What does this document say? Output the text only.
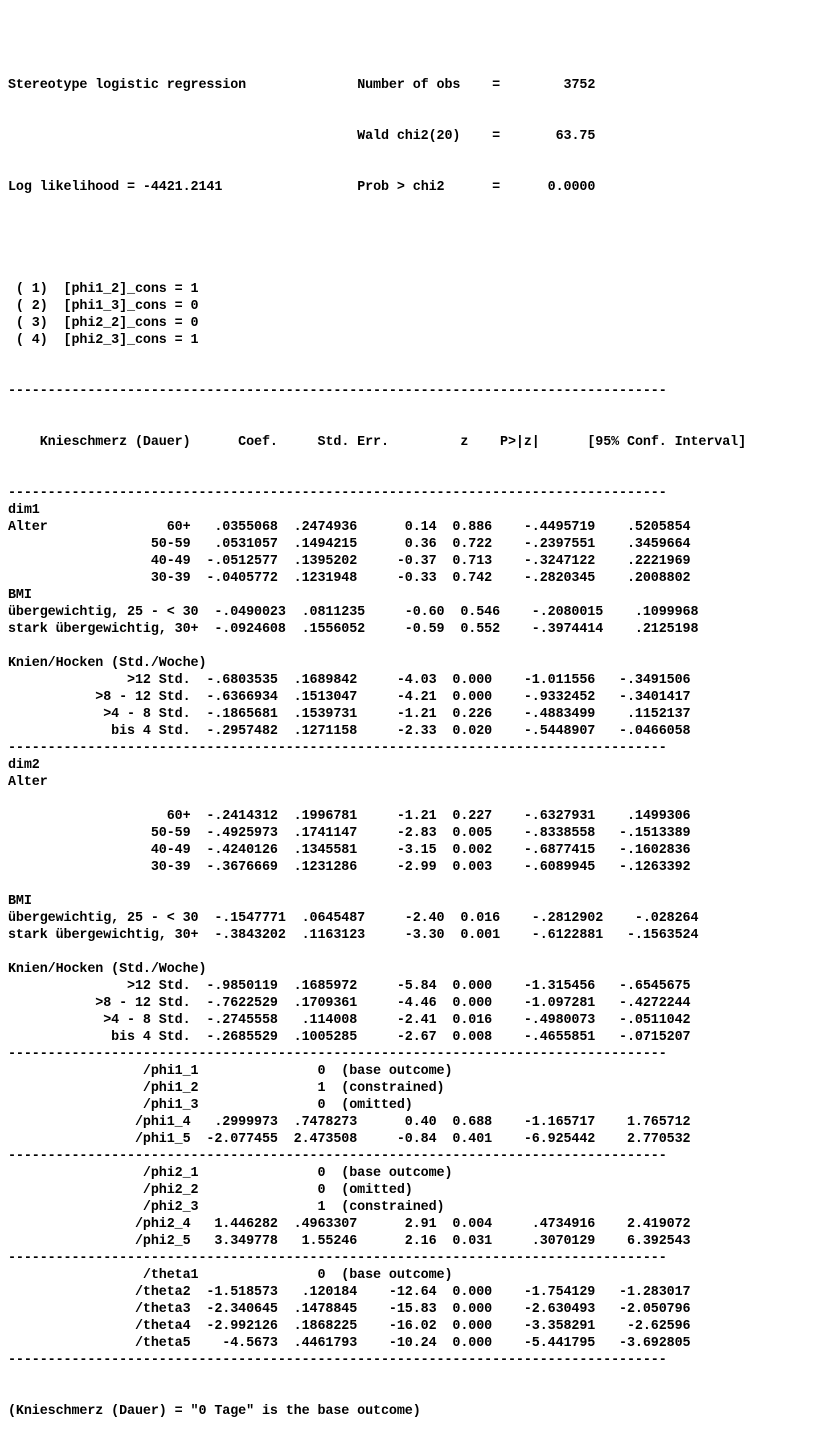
Stereotype logistic regression	Number of obs =        3752

Wald chi2(20) =       63.75

Log likelihood = -4421.2141	Prob > chi2	=      0.0000

( 1)  [phi1_2]_cons = 1
( 2)  [phi1_3]_cons = 0
( 3)  [phi2_2]_cons = 0
( 4)  [phi2_3]_cons = 1

-----------------------------------------------------------------------------------

Knieschmerz (Dauer)      Coef.     Std. Err.         z    P>|z|      [95% Conf. Interval]

-----------------------------------------------------------------------------------
dim1
Alter               60+   .0355068  .2474936      0.14  0.886    -.4495719    .5205854
50-59   .0531057  .1494215      0.36  0.722    -.2397551    .3459664
40-49  -.0512577  .1395202     -0.37  0.713    -.3247122    .2221969
30-39  -.0405772  .1231948     -0.33  0.742    -.2820345    .2008802
BMI
übergewichtig, 25 - < 30  -.0490023  .0811235     -0.60  0.546    -.2080015    .1099968
stark übergewichtig, 30+  -.0924608  .1556052     -0.59  0.552    -.3974414    .2125198
Knien/Hocken (Std./Woche)
>12 Std.  -.6803535  .1689842     -4.03  0.000    -1.011556   -.3491506
>8 - 12 Std.  -.6366934  .1513047     -4.21  0.000    -.9332452   -.3401417
>4 - 8 Std.  -.1865681  .1539731     -1.21  0.226    -.4883499    .1152137
bis 4 Std.  -.2957482  .1271158     -2.33  0.020    -.5448907   -.0466058
-----------------------------------------------------------------------------------
dim2
Alter
60+  -.2414312  .1996781     -1.21  0.227    -.6327931    .1499306
50-59  -.4925973  .1741147     -2.83  0.005    -.8338558   -.1513389
40-49  -.4240126  .1345581     -3.15  0.002    -.6877415   -.1602836
30-39  -.3676669  .1231286     -2.99  0.003    -.6089945   -.1263392
BMI
übergewichtig, 25 - < 30  -.1547771  .0645487     -2.40  0.016    -.2812902    -.028264
stark übergewichtig, 30+  -.3843202  .1163123     -3.30  0.001    -.6122881   -.1563524
Knien/Hocken (Std./Woche)
>12 Std.  -.9850119  .1685972     -5.84  0.000    -1.315456   -.6545675
>8 - 12 Std.  -.7622529  .1709361     -4.46  0.000    -1.097281   -.4272244
>4 - 8 Std.  -.2745558   .114008     -2.41  0.016    -.4980073   -.0511042
bis 4 Std.  -.2685529  .1005285     -2.67  0.008    -.4655851   -.0715207
-----------------------------------------------------------------------------------
/phi1_1               0  (base outcome)
/phi1_2               1  (constrained)
/phi1_3               0  (omitted)
/phi1_4   .2999973  .7478273      0.40  0.688    -1.165717    1.765712
/phi1_5  -2.077455  2.473508     -0.84  0.401    -6.925442    2.770532
-----------------------------------------------------------------------------------
/phi2_1               0  (base outcome)
/phi2_2               0  (omitted)
/phi2_3               1  (constrained)
/phi2_4   1.446282  .4963307      2.91  0.004     .4734916    2.419072
/phi2_5   3.349778   1.55246      2.16  0.031     .3070129    6.392543
-----------------------------------------------------------------------------------
/theta1               0  (base outcome)
/theta2  -1.518573   .120184    -12.64  0.000    -1.754129   -1.283017
/theta3  -2.340645  .1478845    -15.83  0.000    -2.630493   -2.050796
/theta4  -2.992126  .1868225    -16.02  0.000    -3.358291    -2.62596
/theta5    -4.5673  .4461793    -10.24  0.000    -5.441795   -3.692805
-----------------------------------------------------------------------------------

(Knieschmerz (Dauer) = "0 Tage" is the base outcome)
